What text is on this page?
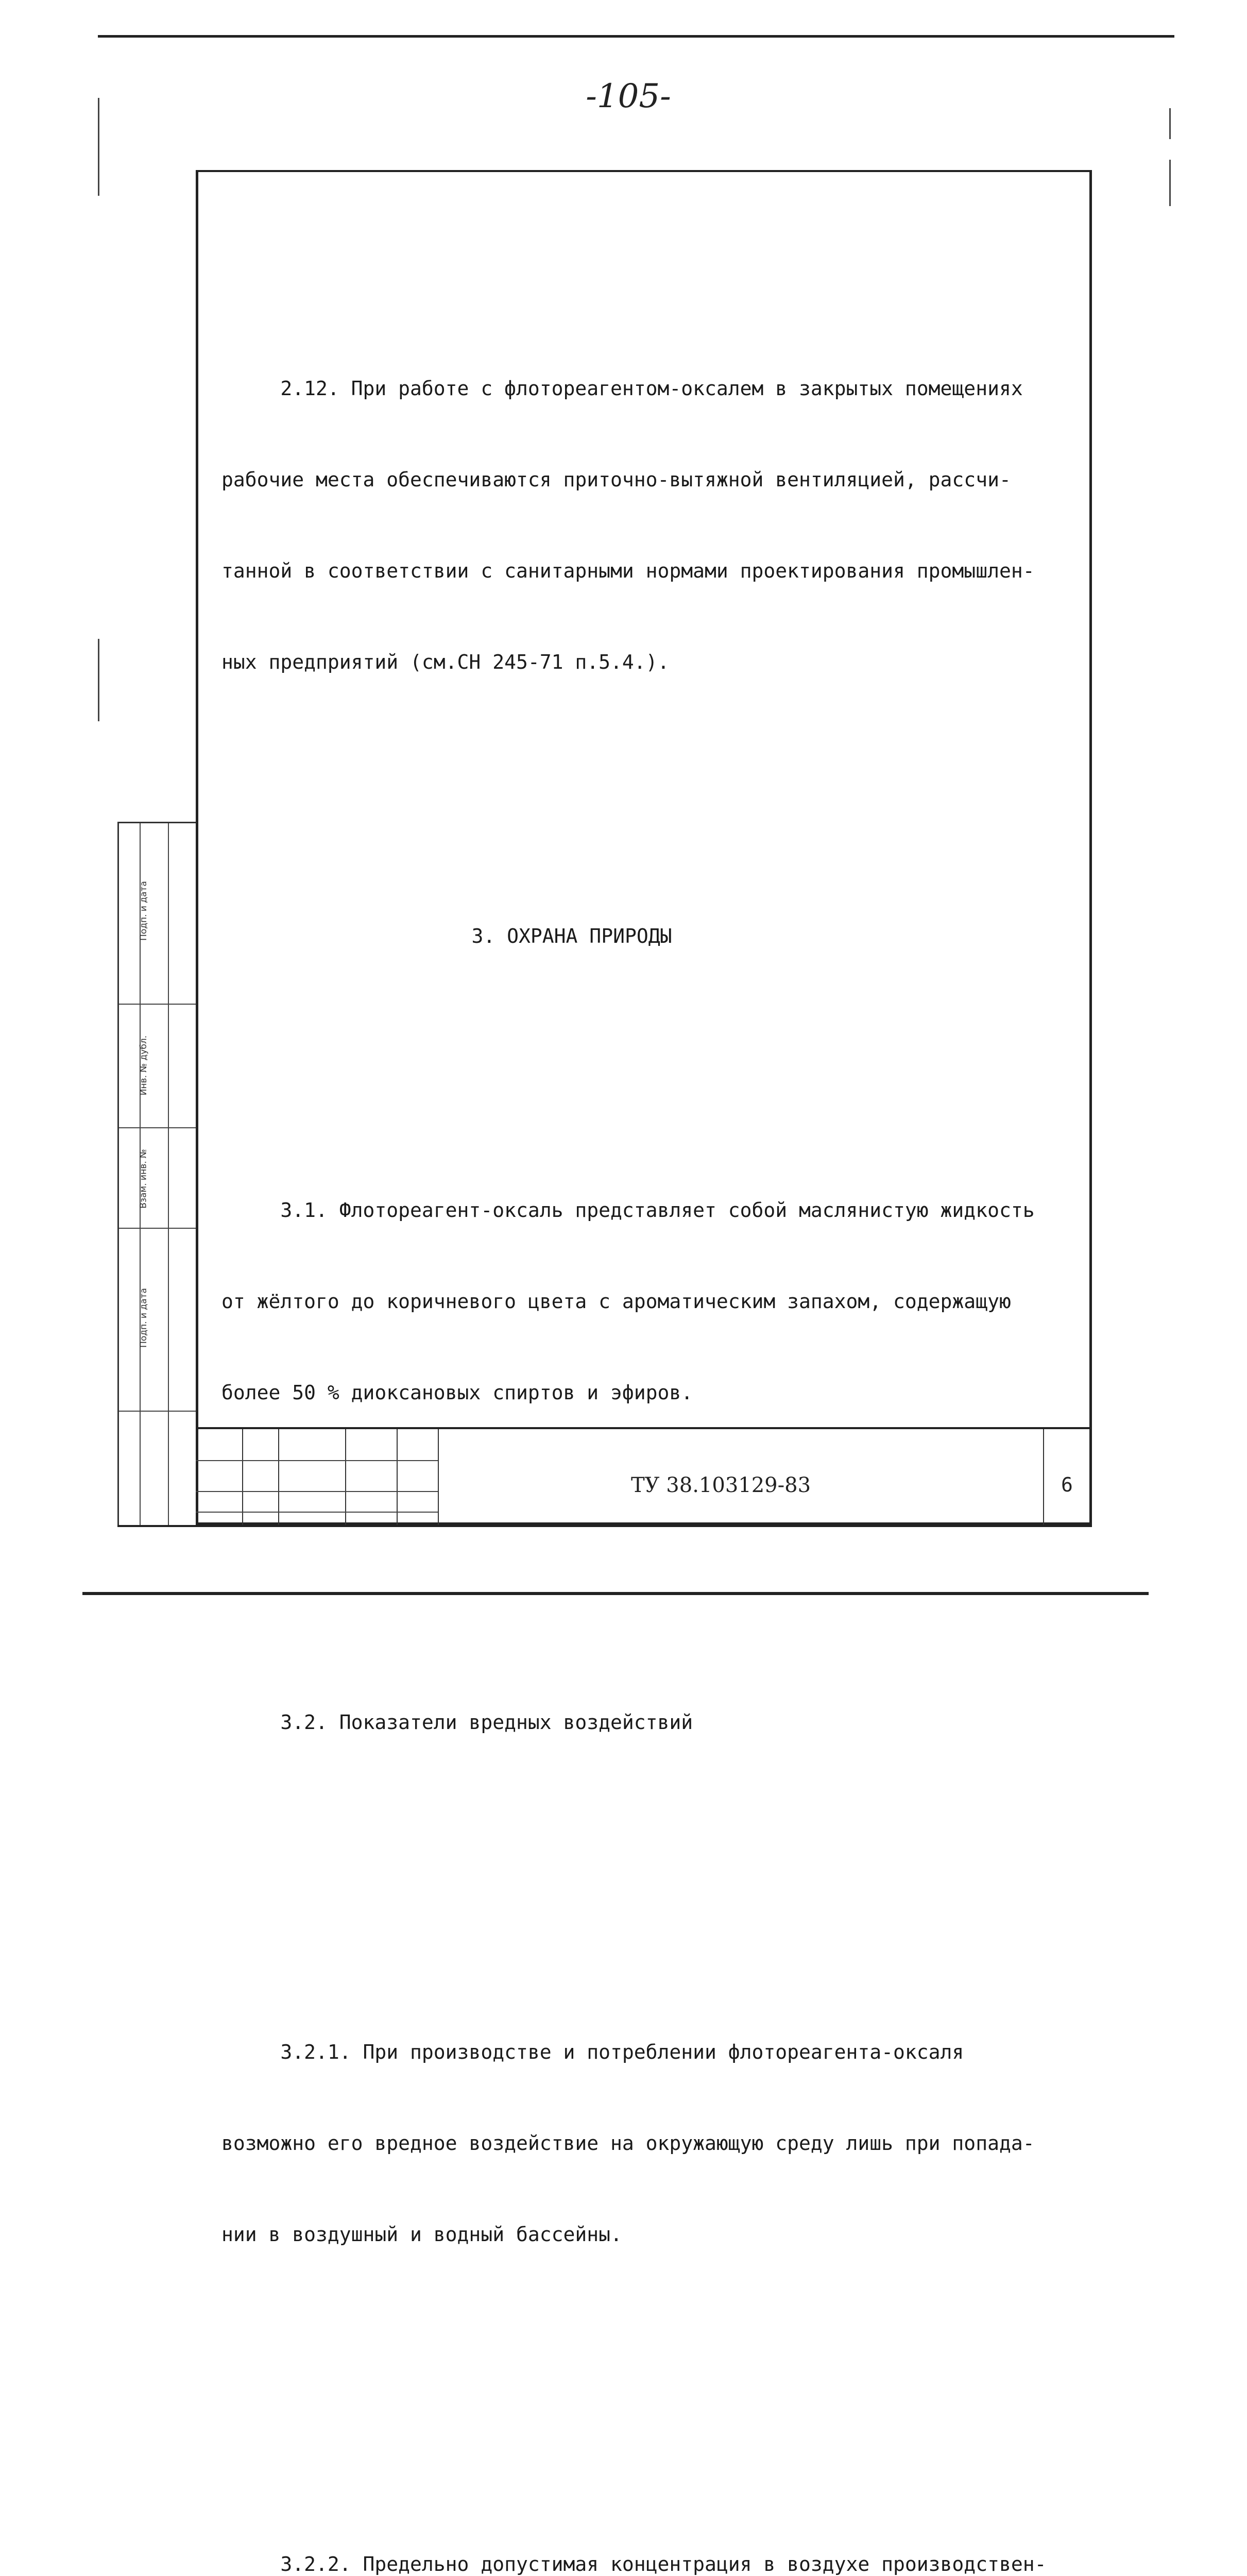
-105-

2.12. При работе с флотореагентом-оксалем в закрытых помещениях

рабочие места обеспечиваются приточно-вытяжной вентиляцией, рассчи-

танной в соответствии с санитарными нормами проектирования промышлен-

ных предприятий (см.СН 245-71 п.5.4.).

3. ОХРАНА ПРИРОДЫ

3.1. Флотореагент-оксаль представляет собой маслянистую жидкость

от жёлтого до коричневого цвета с ароматическим запахом, содержащую

более 50 % диоксановых спиртов и эфиров.

3.2. Показатели вредных воздействий

3.2.1. При производстве и потреблении флотореагента-оксаля

возможно его вредное воздействие на окружающую среду лишь при попада-

нии в воздушный и водный бассейны.

3.2.2. Предельно допустимая концентрация в воздухе производствен-

Подп. и дата
Инв. № дубл.
Взам. инв. №
Подп. и дата
ТУ 38.103129-83	6
